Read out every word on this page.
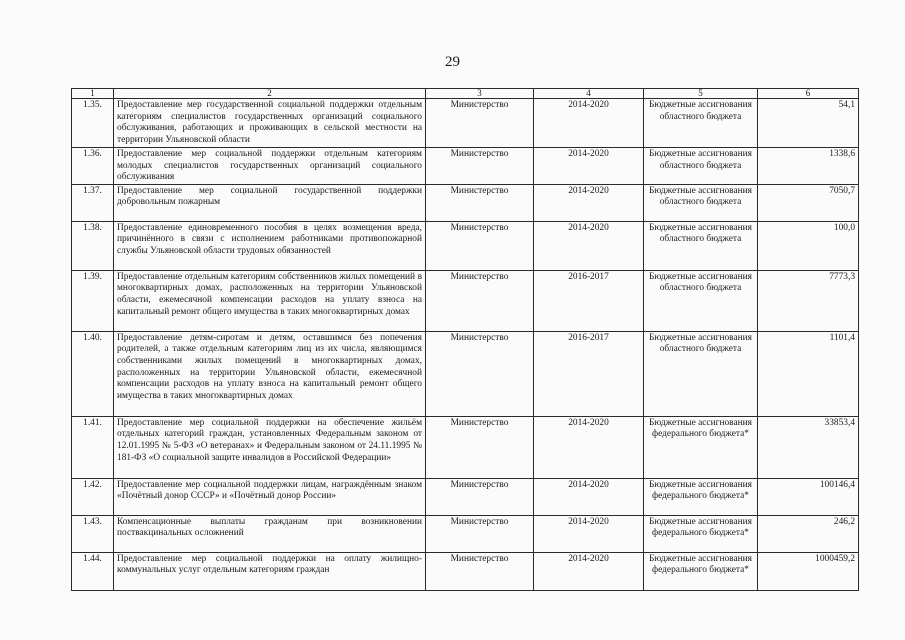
29
1	2	3	4	5	6
1.35.	Предоставление мер государственной социальной поддержки отдельным категориям специалистов государственных организаций социального обслуживания, работающих и проживающих в сельской местности на территории Ульяновской области	Министерство	2014-2020	Бюджетные ассигнования областного бюджета	54,1
1.36.	Предоставление мер социальной поддержки отдельным категориям молодых специалистов государственных организаций социального обслуживания	Министерство	2014-2020	Бюджетные ассигнования областного бюджета	1338,6
1.37.	Предоставление мер социальной государственной поддержки добровольным пожарным	Министерство	2014-2020	Бюджетные ассигнования областного бюджета	7050,7
1.38.	Предоставление единовременного пособия в целях возмещения вреда, причинённого в связи с исполнением работниками противопожарной службы Ульяновской области трудовых обязанностей	Министерство	2014-2020	Бюджетные ассигнования областного бюджета	100,0
1.39.	Предоставление отдельным категориям собственников жилых помещений в многоквартирных домах, расположенных на территории Ульяновской области, ежемесячной компенсации расходов на уплату взноса на капитальный ремонт общего имущества в таких многоквартирных домах	Министерство	2016-2017	Бюджетные ассигнования областного бюджета	7773,3
1.40.	Предоставление детям-сиротам и детям, оставшимся без попечения родителей, а также отдельным категориям лиц из их числа, являющимся собственниками жилых помещений в многоквартирных домах, расположенных на территории Ульяновской области, ежемесячной компенсации расходов на уплату взноса на капитальный ремонт общего имущества в таких многоквартирных домах	Министерство	2016-2017	Бюджетные ассигнования областного бюджета	1101,4
1.41.	Предоставление мер социальной поддержки на обеспечение жильём отдельных категорий граждан, установленных Федеральным законом от 12.01.1995 № 5-ФЗ «О ветеранах» и Федеральным законом от 24.11.1995 № 181-ФЗ «О социальной защите инвалидов в Российской Федерации»	Министерство	2014-2020	Бюджетные ассигнования федерального бюджета*	33853,4
1.42.	Предоставление мер социальной поддержки лицам, награждённым знаком «Почётный донор СССР» и «Почётный донор России»	Министерство	2014-2020	Бюджетные ассигнования федерального бюджета*	100146,4
1.43.	Компенсационные выплаты гражданам при возникновении поствакцинальных осложнений	Министерство	2014-2020	Бюджетные ассигнования федерального бюджета*	246,2
1.44.	Предоставление мер социальной поддержки на оплату жилищно-коммунальных услуг отдельным категориям граждан	Министерство	2014-2020	Бюджетные ассигнования федерального бюджета*	1000459,2
